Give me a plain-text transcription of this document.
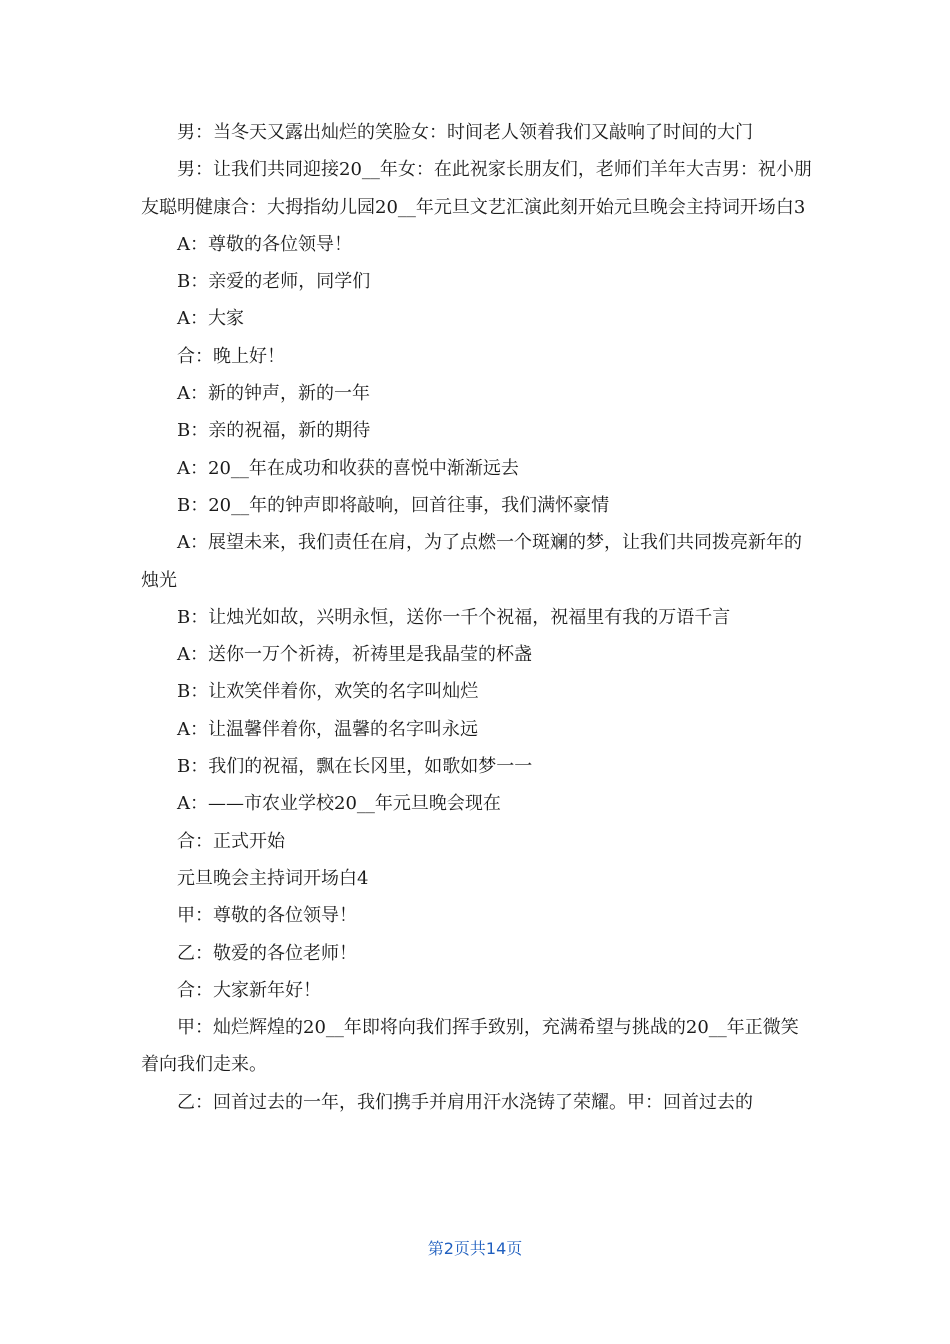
男：当冬天又露出灿烂的笑脸女：时间老人领着我们又敲响了时间的大门

男：让我们共同迎接20__年女：在此祝家长朋友们，老师们羊年大吉男：祝小朋友聪明健康合：大拇指幼儿园20__年元旦文艺汇演此刻开始元旦晚会主持词开场白3

A：尊敬的各位领导！

B：亲爱的老师，同学们

A：大家

合：晚上好！

A：新的钟声，新的一年

B：亲的祝福，新的期待

A：20__年在成功和收获的喜悦中渐渐远去

B：20__年的钟声即将敲响，回首往事，我们满怀豪情

A：展望未来，我们责任在肩，为了点燃一个斑斓的梦，让我们共同拨亮新年的烛光

B：让烛光如故，兴明永恒，送你一千个祝福，祝福里有我的万语千言

A：送你一万个祈祷，祈祷里是我晶莹的杯盏

B：让欢笑伴着你，欢笑的名字叫灿烂

A：让温馨伴着你，温馨的名字叫永远

B：我们的祝福，飘在长冈里，如歌如梦一一

A：——市农业学校20__年元旦晚会现在

合：正式开始

元旦晚会主持词开场白4

甲：尊敬的各位领导！

乙：敬爱的各位老师！

合：大家新年好！

甲：灿烂辉煌的20__年即将向我们挥手致别，充满希望与挑战的20__年正微笑着向我们走来。

乙：回首过去的一年，我们携手并肩用汗水浇铸了荣耀。甲：回首过去的

第2页共14页
